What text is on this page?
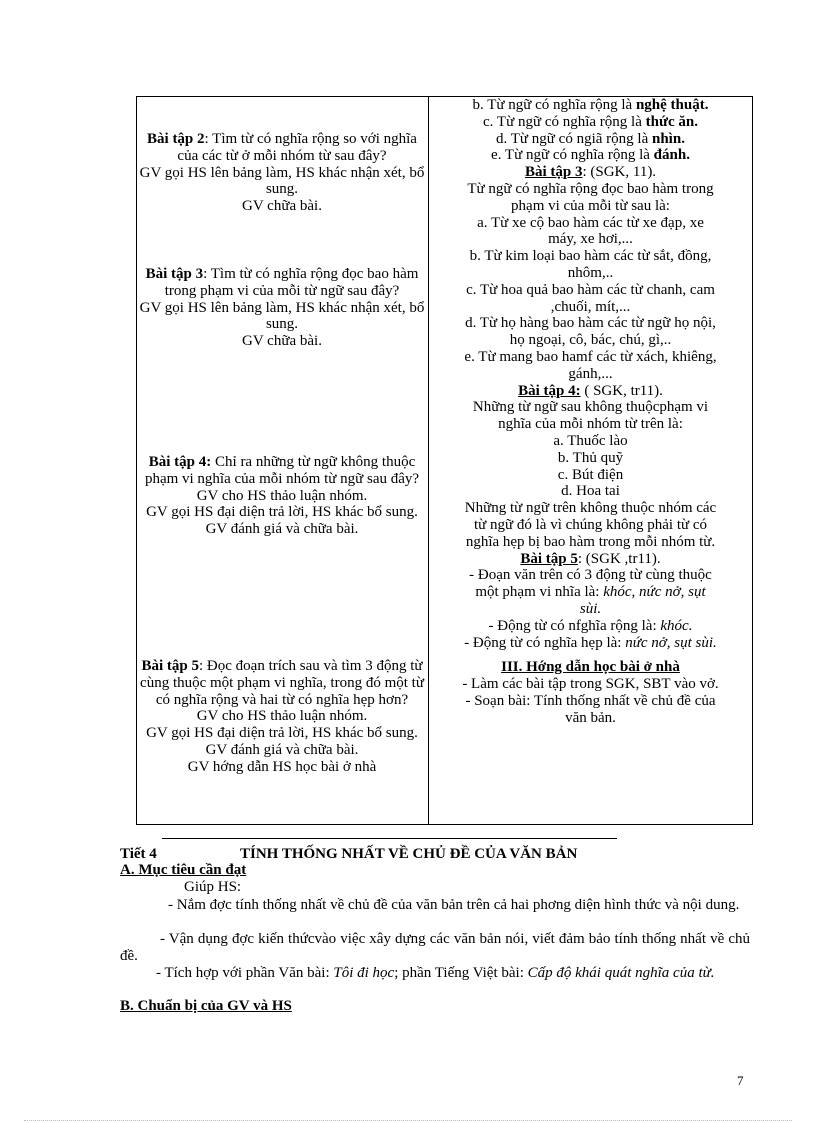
Bài tập 2: Tìm từ có nghĩa rộng so với nghĩa của các từ ở mỗi nhóm từ sau đây?
GV gọi HS lên bảng làm, HS khác nhận xét, bổ sung.
GV chữa bài.
Bài tập 3: Tìm từ có nghĩa rộng đọc bao hàm trong phạm vi của mỗi từ ngữ sau đây?
GV gọi HS lên bảng làm, HS khác nhận xét, bổ sung.
GV chữa bài.
Bài tập 4: Chỉ ra những từ ngữ không thuộc phạm vi nghĩa của mỗi nhóm từ ngữ sau đây?
GV cho HS thảo luận nhóm.
GV gọi HS đại diện trả lời, HS khác bổ sung.
GV đánh giá và chữa bài.
Bài tập 5: Đọc đoạn trích sau và tìm 3 động từ cùng thuộc một phạm vi nghĩa, trong đó một từ có nghĩa rộng và hai từ có nghĩa hẹp hơn?
GV cho HS thảo luận nhóm.
GV gọi HS đại diện trả lời, HS khác bổ sung.
GV đánh giá và chữa bài.
GV hớng dẫn HS học bài ở nhà
b. Từ ngữ có nghĩa rộng là nghệ thuật.
c. Từ ngữ có nghĩa rộng là thức ăn.
d. Từ ngữ có ngiã rộng là nhìn.
e. Từ ngữ có nghĩa rộng là đánh.
Bài tập 3: (SGK, 11).
Từ ngữ có nghĩa rộng đọc bao hàm trong
phạm vi của mỗi từ sau là:
a. Từ xe cộ bao hàm các từ xe đạp, xe
máy, xe hơi,...
b. Từ kim loại bao hàm các từ sắt, đồng,
nhôm,..
c. Từ hoa quả bao hàm các từ chanh, cam
,chuối, mít,...
d. Từ họ hàng bao hàm các từ ngữ họ nội,
họ ngoại, cô, bác, chú, gì,..
e. Từ mang bao hamf các từ xách, khiêng,
gánh,...
Bài tập 4: ( SGK, tr11).
Những từ ngữ sau không thuộcphạm vi
nghĩa của mỗi nhóm từ trên là:
a. Thuốc lào
b. Thủ quỹ
c. Bút điện
d. Hoa tai
Những từ ngữ trên không thuộc nhóm các
từ ngữ đó là vì chúng không phải từ có
nghĩa hẹp bị bao hàm trong mỗi nhóm từ.
Bài tập 5: (SGK ,tr11).
- Đoạn văn trên có 3 động từ cùng thuộc
một phạm vi nhĩa là: khóc, nức nở, sụt
sùi.
- Động từ có nfghĩa rộng là: khóc.
- Động từ có nghĩa hẹp là: nức nở, sụt sùi.
III. Hớng dẫn học bài ở nhà
- Làm các bài tập trong SGK, SBT vào vở.
- Soạn bài: Tính thống nhất về chủ đề của
văn bản.
Tiết 4	TÍNH THỐNG NHẤT VỀ CHỦ ĐỀ CỦA VĂN BẢN
A. Mục tiêu cần đạt
Giúp HS:
- Nắm đợc tính thống nhất về chủ đề của văn bản trên cả hai phơng diện hình thức và nội dung.
- Vận dụng đợc kiến thứcvào việc xây dựng các văn bản nói, viết đảm bảo tính thống nhất về chủ đề.
- Tích hợp với phần Văn bài: Tôi đi học; phần Tiếng Việt bài: Cấp độ khái quát nghĩa của từ.
B. Chuẩn bị của GV và HS
7
